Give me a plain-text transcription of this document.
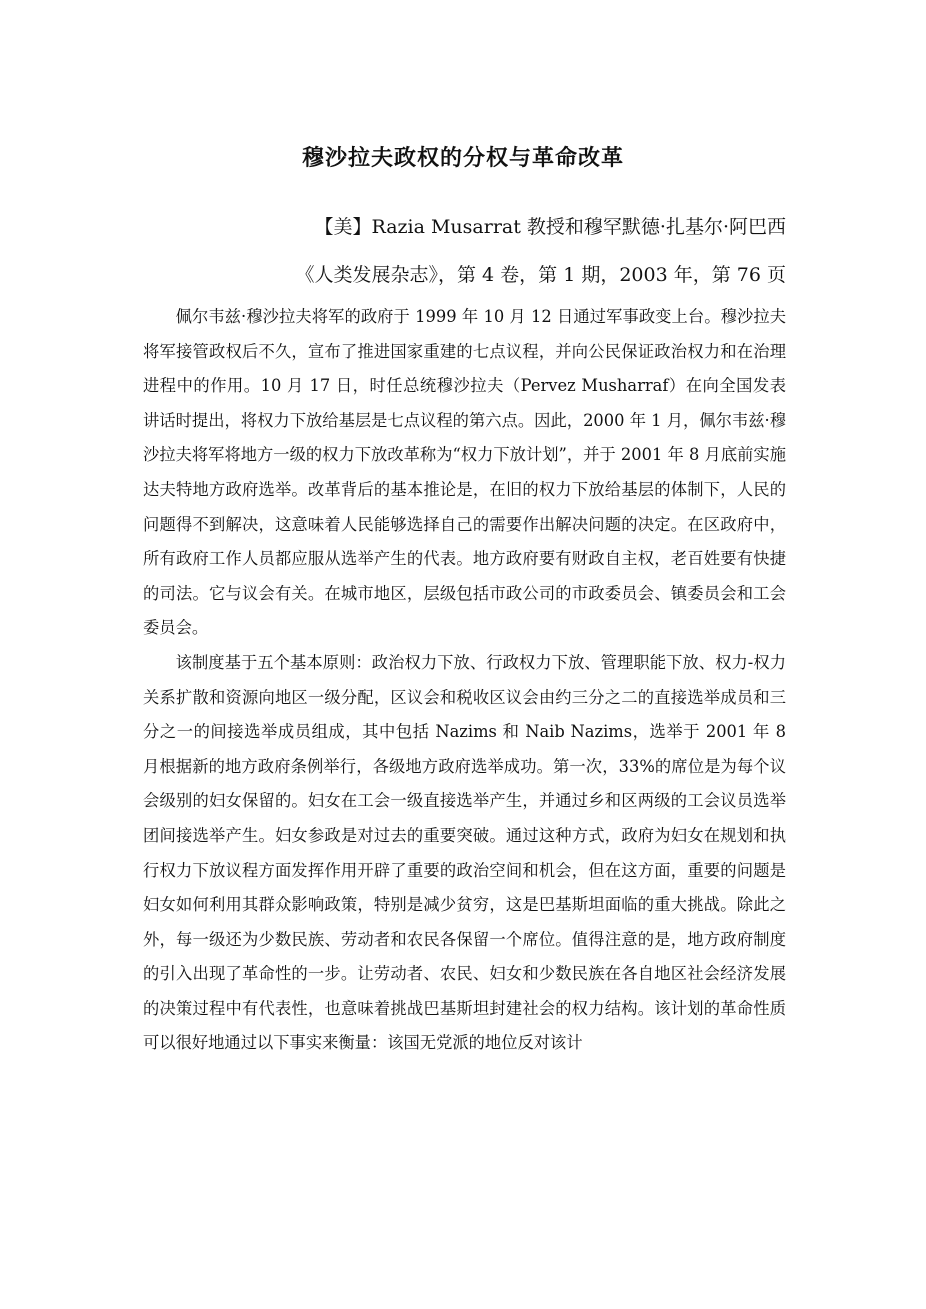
穆沙拉夫政权的分权与革命改革
【美】Razia Musarrat 教授和穆罕默德·扎基尔·阿巴西
《人类发展杂志》，第 4 卷，第 1 期，2003 年，第 76 页

佩尔韦兹·穆沙拉夫将军的政府于 1999 年 10 月 12 日通过军事政变上台。穆沙拉夫将军接管政权后不久，宣布了推进国家重建的七点议程，并向公民保证政治权力和在治理进程中的作用。10 月 17 日，时任总统穆沙拉夫（Pervez Musharraf）在向全国发表讲话时提出，将权力下放给基层是七点议程的第六点。因此，2000 年 1 月，佩尔韦兹·穆沙拉夫将军将地方一级的权力下放改革称为“权力下放计划”，并于 2001 年 8 月底前实施达夫特地方政府选举。改革背后的基本推论是，在旧的权力下放给基层的体制下，人民的问题得不到解决，这意味着人民能够选择自己的需要作出解决问题的决定。在区政府中，所有政府工作人员都应服从选举产生的代表。地方政府要有财政自主权，老百姓要有快捷的司法。它与议会有关。在城市地区，层级包括市政公司的市政委员会、镇委员会和工会委员会。

该制度基于五个基本原则：政治权力下放、行政权力下放、管理职能下放、权力-权力关系扩散和资源向地区一级分配，区议会和税收区议会由约三分之二的直接选举成员和三分之一的间接选举成员组成，其中包括 Nazims 和 Naib Nazims，选举于 2001 年 8 月根据新的地方政府条例举行，各级地方政府选举成功。第一次，33%的席位是为每个议会级别的妇女保留的。妇女在工会一级直接选举产生，并通过乡和区两级的工会议员选举团间接选举产生。妇女参政是对过去的重要突破。通过这种方式，政府为妇女在规划和执行权力下放议程方面发挥作用开辟了重要的政治空间和机会，但在这方面，重要的问题是妇女如何利用其群众影响政策，特别是减少贫穷，这是巴基斯坦面临的重大挑战。除此之外，每一级还为少数民族、劳动者和农民各保留一个席位。值得注意的是，地方政府制度的引入出现了革命性的一步。让劳动者、农民、妇女和少数民族在各自地区社会经济发展的决策过程中有代表性，也意味着挑战巴基斯坦封建社会的权力结构。该计划的革命性质可以很好地通过以下事实来衡量：该国无党派的地位反对该计
